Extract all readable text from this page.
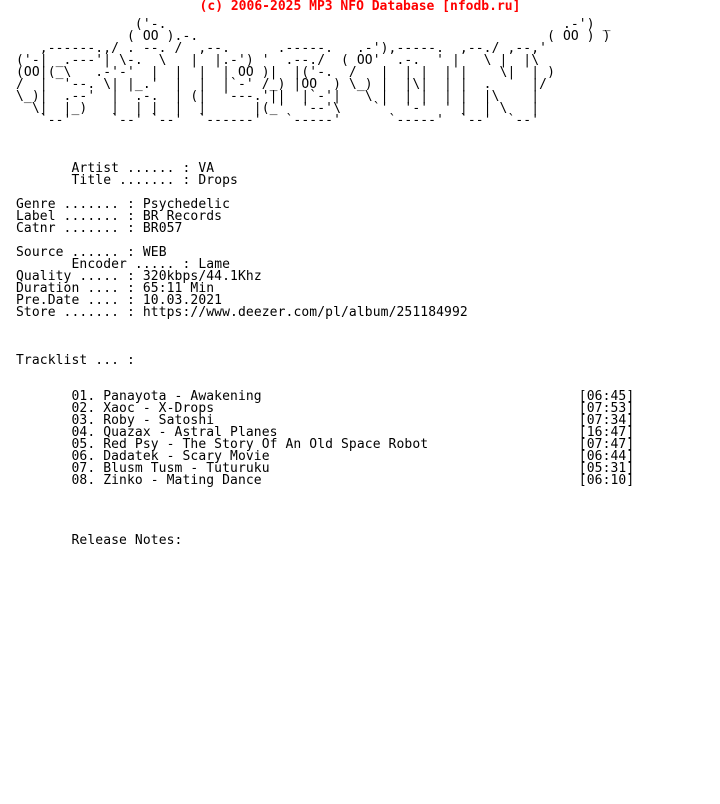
(c) 2006-2025 MP3 NFO Database [nfodb.ru]
('-.                                                  .-') _
( OO ).-.                                            ( OO ) )
,------.,/ . --. /  ,--.      .-----.   .-'),-----.  ,--./ ,--,'
('-| _.---'| \-.  \   |  |.-') '  .--./  ( OO'  .-.  ' |   \ |  |\
(OO|(_\   .-'-'  |  |  |  | OO )|  |('-.  /   |  | |  | |    \|  | )
/  |  '--. \| |_.'  |  |  |`-' /_) |OO  ) \_) |  |\|  | |  .     |/
\_)|  .--'  |  .-.  | (|  '---.'||  |`-'|   \ |  | |  | |  |\    |
\|  |_)   |  | |  |  |      |(_'  '--'\    `'  '-'  ' |  | \   |
`--'     `--' `--'  `------'   `-----'      `-----'  `--'  `--'
Artist ...... : VA
Title ....... : Drops
Genre ....... : Psychedelic
Label ....... : BR Records
Catnr ....... : BR057
Source ...... : WEB
Encoder ..... : Lame
Quality ..... : 320kbps/44.1Khz
Duration .... : 65:11 Min
Pre.Date .... : 10.03.2021
Store ....... : https://www.deezer.com/pl/album/251184992
Tracklist ... :
01. Panayota - Awakening                                        [06:45]
02. Xaoc - X-Drops                                              [07:53]
03. Roby - Satoshi                                              [07:34]
04. Quazax - Astral Planes                                      [16:47]
05. Red Psy - The Story Of An Old Space Robot                   [07:47]
06. Dadatek - Scary Movie                                       [06:44]
07. Blusm Tusm - Tuturuku                                       [05:31]
08. Zinko - Mating Dance                                        [06:10]
Release Notes:
